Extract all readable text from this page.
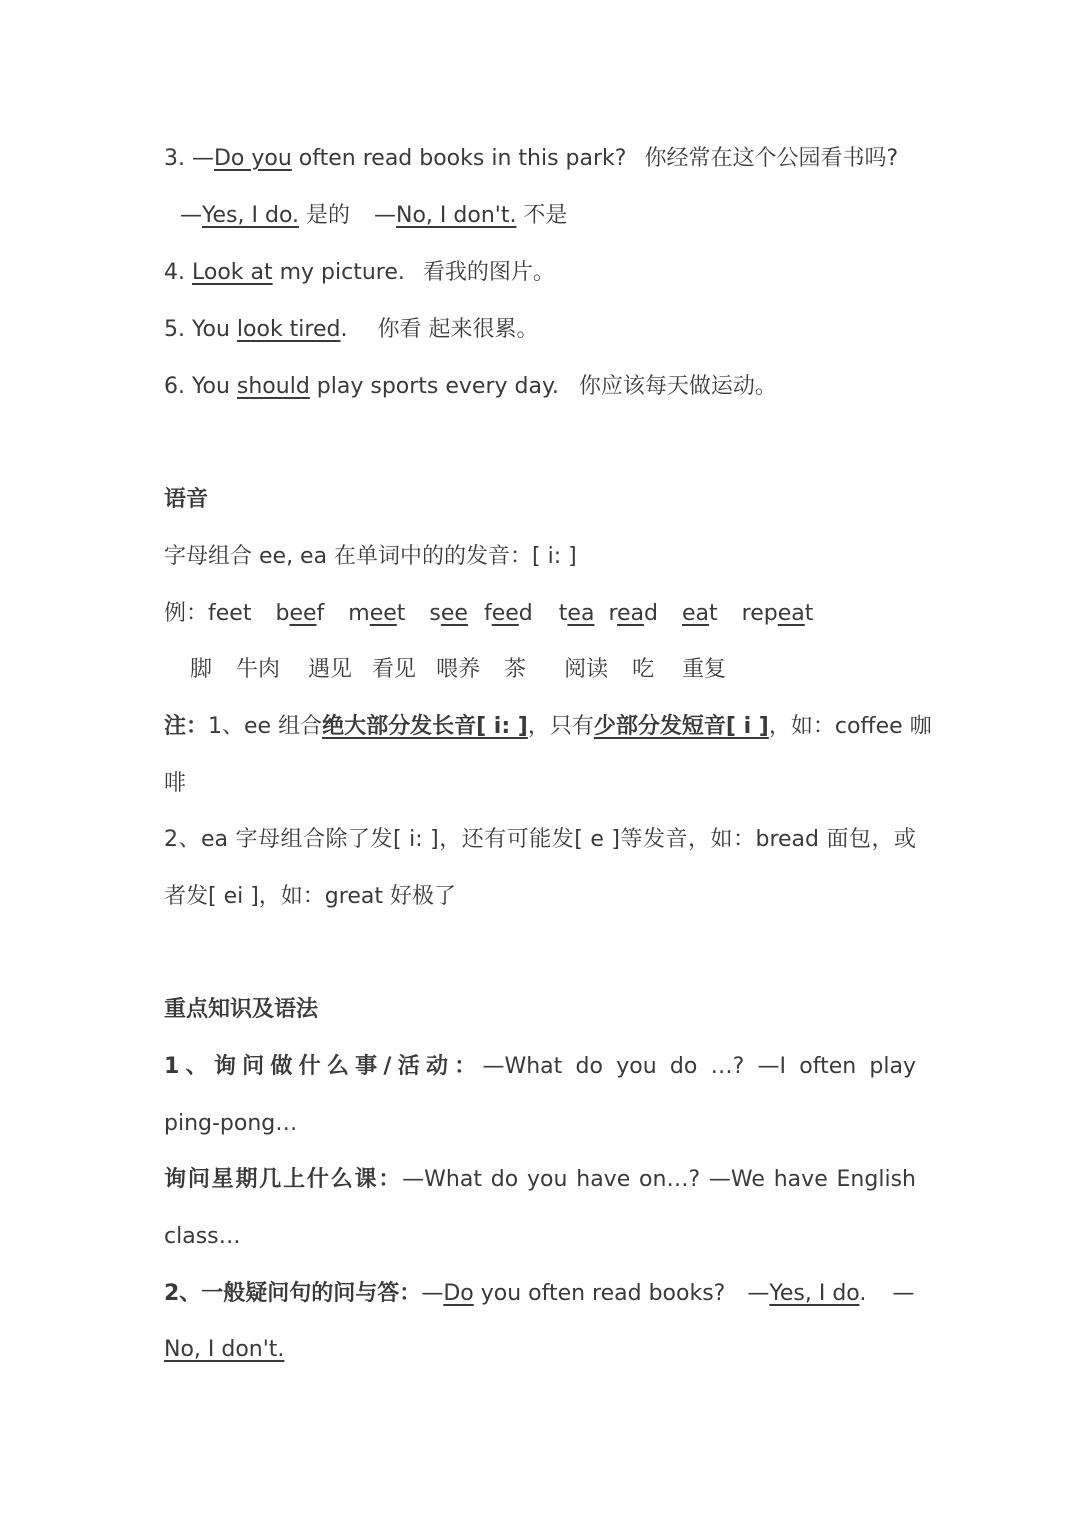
3. —Do you often read books in this park? 你经常在这个公园看书吗?
—Yes, I do. 是的 —No, I don't. 不是
4. Look at my picture. 看我的图片。
5. You look tired. 你看 起来很累。
6. You should play sports every day. 你应该每天做运动。
语音
字母组合 ee, ea 在单词中的的发音：[ i: ]
例：feet beef meet see feed tea read eat repeat
脚 牛肉 遇见 看见 喂养 茶 阅读 吃 重复
注：1、ee 组合绝大部分发长音[ i: ]，只有少部分发短音[ i ]，如：coffee 咖
啡
2、ea 字母组合除了发[ i: ]，还有可能发[ e ]等发音，如：bread 面包，或
者发[ ei ]，如：great 好极了
重点知识及语法
1、询问做什么事/活动：—What do you do …? —I often play
ping-pong…
询问星期几上什么课：—What do you have on…? —We have English
class…
2、一般疑问句的问与答：—Do you often read books? —Yes, I do. —
No, I don't.
